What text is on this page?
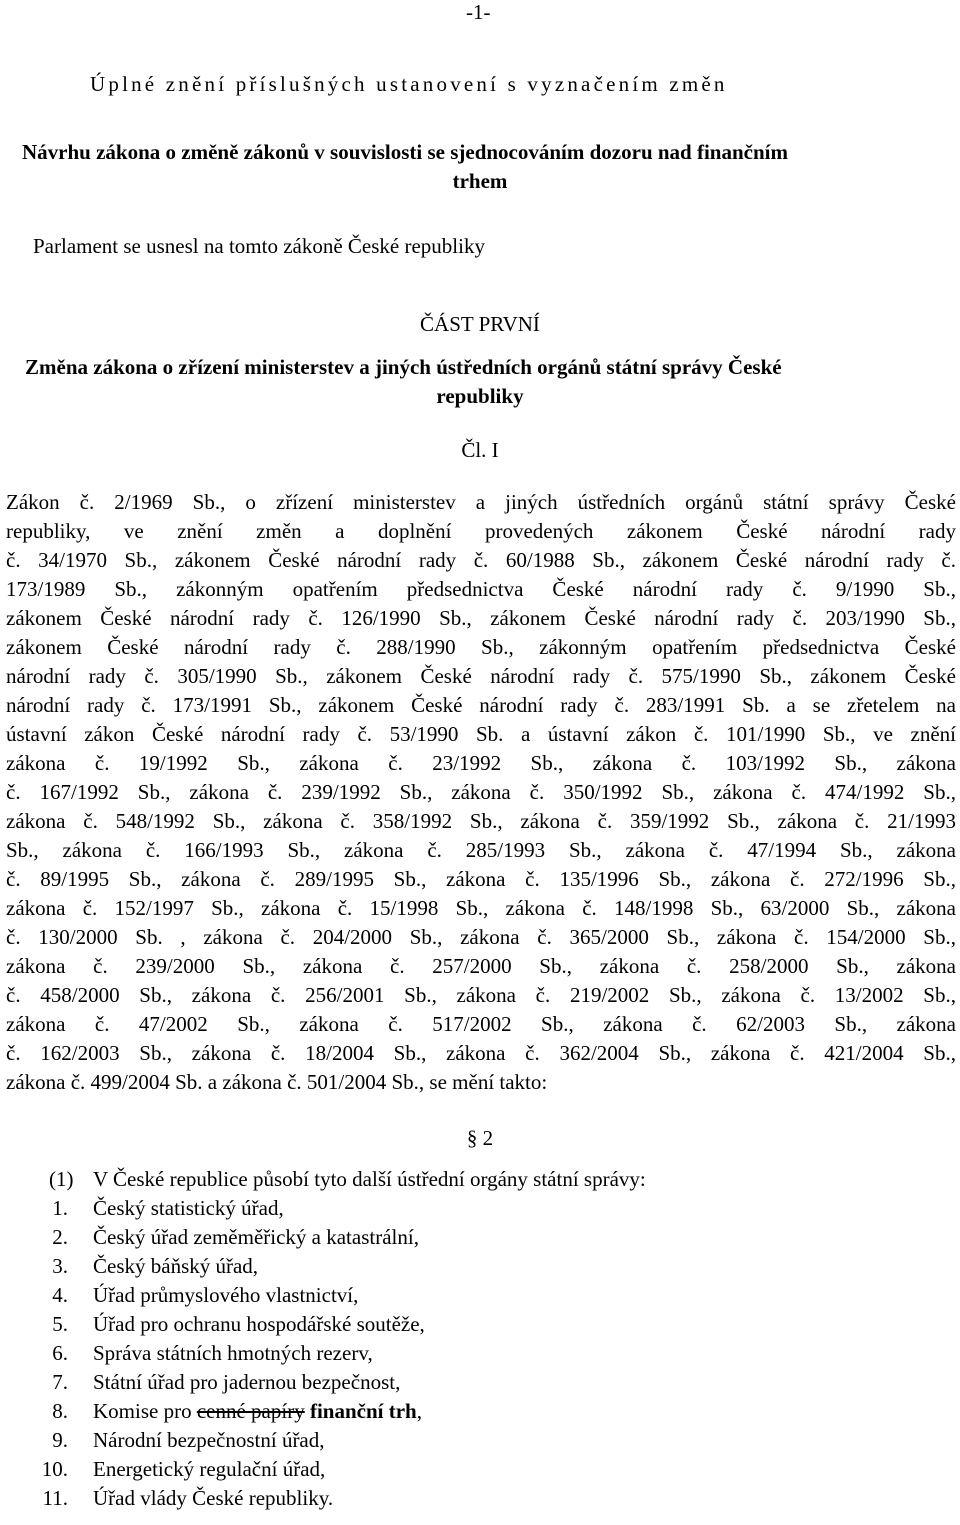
-1-
Úplné znění příslušných ustanovení s vyznačením změn
Návrhu zákona o změně zákonů v souvislosti se sjednocováním dozoru nad finančním
trhem
Parlament se usnesl na tomto zákoně České republiky
ČÁST PRVNÍ
Změna zákona o zřízení ministerstev a jiných ústředních orgánů státní správy České
republiky
Čl. I
Zákon č. 2/1969 Sb., o zřízení ministerstev a jiných ústředních orgánů státní správy České
republiky, ve znění změn a doplnění provedených zákonem České národní rady
č. 34/1970 Sb., zákonem České národní rady č. 60/1988 Sb., zákonem České národní rady č.
173/1989 Sb., zákonným opatřením předsednictva České národní rady č. 9/1990 Sb.,
zákonem České národní rady č. 126/1990 Sb., zákonem České národní rady č. 203/1990 Sb.,
zákonem České národní rady č. 288/1990 Sb., zákonným opatřením předsednictva České
národní rady č. 305/1990 Sb., zákonem České národní rady č. 575/1990 Sb., zákonem České
národní rady č. 173/1991 Sb., zákonem České národní rady č. 283/1991 Sb. a se zřetelem na
ústavní zákon České národní rady č. 53/1990 Sb. a ústavní zákon č. 101/1990 Sb., ve znění
zákona č. 19/1992 Sb., zákona č. 23/1992 Sb., zákona č. 103/1992 Sb., zákona
č. 167/1992 Sb., zákona č. 239/1992 Sb., zákona č. 350/1992 Sb., zákona č. 474/1992 Sb.,
zákona č. 548/1992 Sb., zákona č. 358/1992 Sb., zákona č. 359/1992 Sb., zákona č. 21/1993
Sb., zákona č. 166/1993 Sb., zákona č. 285/1993 Sb., zákona č. 47/1994 Sb., zákona
č. 89/1995 Sb., zákona č. 289/1995 Sb., zákona č. 135/1996 Sb., zákona č. 272/1996 Sb.,
zákona č. 152/1997 Sb., zákona č. 15/1998 Sb., zákona č. 148/1998 Sb., 63/2000 Sb., zákona
č. 130/2000 Sb. , zákona č. 204/2000 Sb., zákona č. 365/2000 Sb., zákona č. 154/2000 Sb.,
zákona č. 239/2000 Sb., zákona č. 257/2000 Sb., zákona č. 258/2000 Sb., zákona
č. 458/2000 Sb., zákona č. 256/2001 Sb., zákona č. 219/2002 Sb., zákona č. 13/2002 Sb.,
zákona č. 47/2002 Sb., zákona č. 517/2002 Sb., zákona č. 62/2003 Sb., zákona
č. 162/2003 Sb., zákona č. 18/2004 Sb., zákona č. 362/2004 Sb., zákona č. 421/2004 Sb.,
zákona č. 499/2004 Sb. a zákona č. 501/2004 Sb., se mění takto:
§ 2
(1) V České republice působí tyto další ústřední orgány státní správy:
1. Český statistický úřad,
2. Český úřad zeměměřický a katastrální,
3. Český báňský úřad,
4. Úřad průmyslového vlastnictví,
5. Úřad pro ochranu hospodářské soutěže,
6. Správa státních hmotných rezerv,
7. Státní úřad pro jadernou bezpečnost,
8. Komise pro cenné papíry finanční trh,
9. Národní bezpečnostní úřad,
10. Energetický regulační úřad,
11. Úřad vlády České republiky.
